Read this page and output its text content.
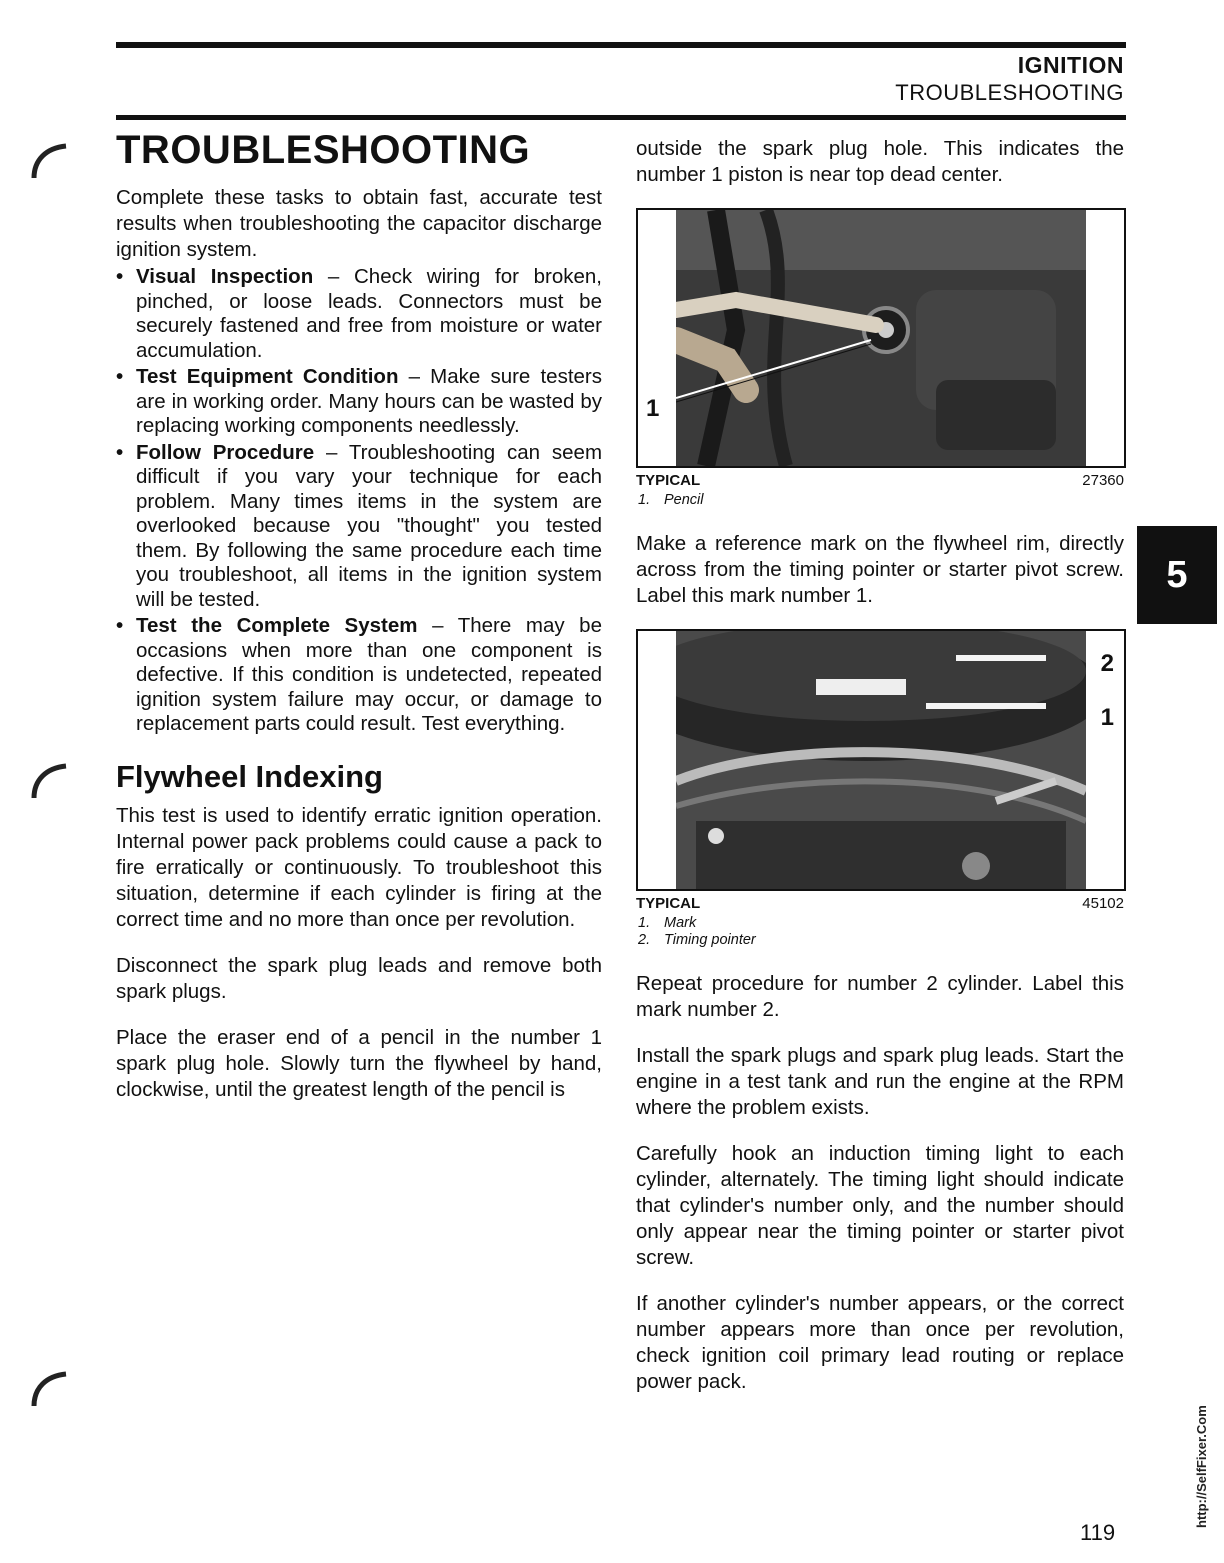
IGNITION
TROUBLESHOOTING
TROUBLESHOOTING

Complete these tasks to obtain fast, accurate test results when troubleshooting the capacitor discharge ignition system.

• Visual Inspection – Check wiring for broken, pinched, or loose leads. Connectors must be securely fastened and free from moisture or water accumulation.
• Test Equipment Condition – Make sure testers are in working order. Many hours can be wasted by replacing working components needlessly.
• Follow Procedure – Troubleshooting can seem difficult if you vary your technique for each problem. Many times items in the system are overlooked because you "thought" you tested them. By following the same procedure each time you troubleshoot, all items in the ignition system will be tested.
• Test the Complete System – There may be occasions when more than one component is defective. If this condition is undetected, repeated ignition system failure may occur, or damage to replacement parts could result. Test everything.
Flywheel Indexing

This test is used to identify erratic ignition operation. Internal power pack problems could cause a pack to fire erratically or continuously. To troubleshoot this situation, determine if each cylinder is firing at the correct time and no more than once per revolution.

Disconnect the spark plug leads and remove both spark plugs.

Place the eraser end of a pencil in the number 1 spark plug hole. Slowly turn the flywheel by hand, clockwise, until the greatest length of the pencil is

outside the spark plug hole. This indicates the number 1 piston is near top dead center.

1
TYPICAL	27360
1. Pencil

Make a reference mark on the flywheel rim, directly across from the timing pointer or starter pivot screw. Label this mark number 1.

2
1
TYPICAL	45102
1. Mark
2. Timing pointer

Repeat procedure for number 2 cylinder. Label this mark number 2.

Install the spark plugs and spark plug leads. Start the engine in a test tank and run the engine at the RPM where the problem exists.

Carefully hook an induction timing light to each cylinder, alternately. The timing light should indicate that cylinder's number only, and the number should only appear near the timing pointer or starter pivot screw.

If another cylinder's number appears, or the correct number appears more than once per revolution, check ignition coil primary lead routing or replace power pack.

5
119
http://SelfFixer.Com
